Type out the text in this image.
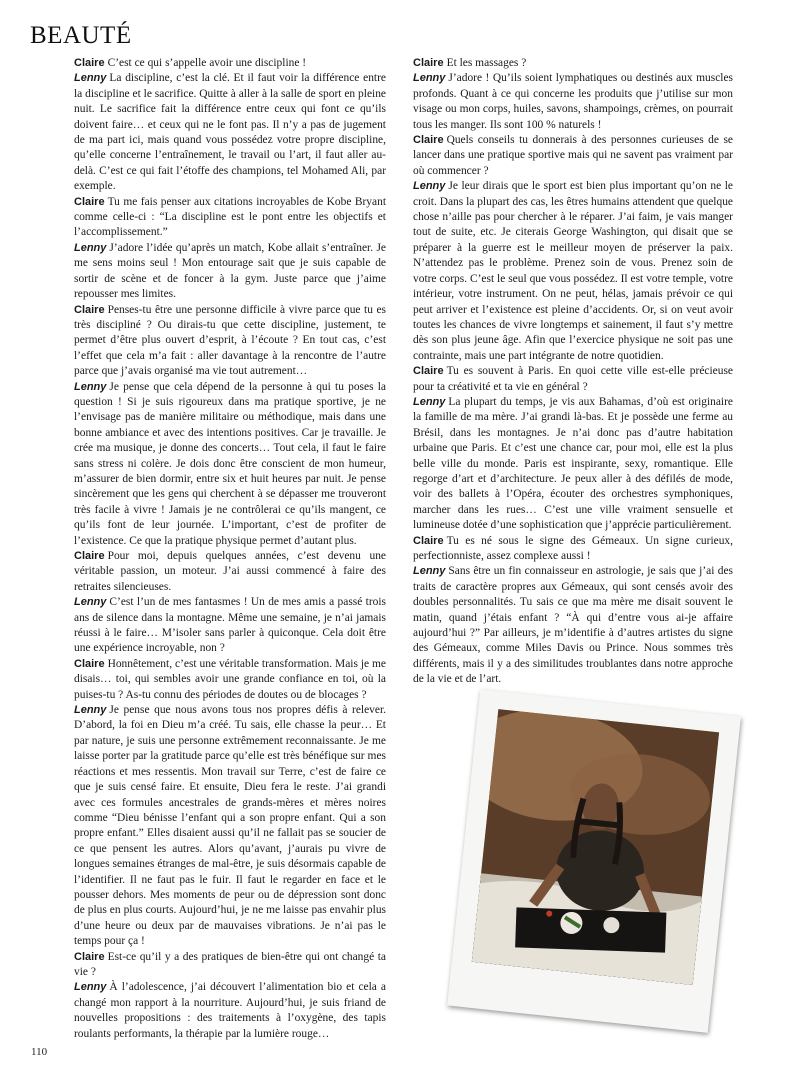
BEAUTÉ

Claire C’est ce qui s’appelle avoir une discipline !

Lenny La discipline, c’est la clé. Et il faut voir la différence entre la discipline et le sacrifice. Quitte à aller à la salle de sport en pleine nuit. Le sacrifice fait la différence entre ceux qui font ce qu’ils doivent faire… et ceux qui ne le font pas. Il n’y a pas de jugement de ma part ici, mais quand vous possédez votre propre discipline, qu’elle concerne l’entraînement, le travail ou l’art, il faut aller au-delà. C’est ce qui fait l’étoffe des champions, tel Mohamed Ali, par exemple.

Claire Tu me fais penser aux citations incroyables de Kobe Bryant comme celle-ci : “La discipline est le pont entre les objectifs et l’accomplissement.”

Lenny J’adore l’idée qu’après un match, Kobe allait s’entraîner. Je me sens moins seul ! Mon entourage sait que je suis capable de sortir de scène et de foncer à la gym. Juste parce que j’aime repousser mes limites.

Claire Penses-tu être une personne difficile à vivre parce que tu es très discipliné ? Ou dirais-tu que cette discipline, justement, te permet d’être plus ouvert d’esprit, à l’écoute ? En tout cas, c’est l’effet que cela m’a fait : aller davantage à la rencontre de l’autre parce que j’avais organisé ma vie tout autrement…

Lenny Je pense que cela dépend de la personne à qui tu poses la question ! Si je suis rigoureux dans ma pratique sportive, je ne l’envisage pas de manière militaire ou méthodique, mais dans une bonne ambiance et avec des intentions positives. Car je travaille. Je crée ma musique, je donne des concerts… Tout cela, il faut le faire sans stress ni colère. Je dois donc être conscient de mon humeur, m’assurer de bien dormir, entre six et huit heures par nuit. Je pense sincèrement que les gens qui cherchent à se dépasser me trouveront très facile à vivre ! Jamais je ne contrôlerai ce qu’ils mangent, ce qu’ils font de leur journée. L’important, c’est de profiter de l’existence. Ce que la pratique physique permet d’autant plus.

Claire Pour moi, depuis quelques années, c’est devenu une véritable passion, un moteur. J’ai aussi commencé à faire des retraites silencieuses.

Lenny C’est l’un de mes fantasmes ! Un de mes amis a passé trois ans de silence dans la montagne. Même une semaine, je n’ai jamais réussi à le faire… M’isoler sans parler à quiconque. Cela doit être une expérience incroyable, non ?

Claire Honnêtement, c’est une véritable transformation. Mais je me disais… toi, qui sembles avoir une grande confiance en toi, où la puises-tu ? As-tu connu des périodes de doutes ou de blocages ?

Lenny Je pense que nous avons tous nos propres défis à relever. D’abord, la foi en Dieu m’a créé. Tu sais, elle chasse la peur… Et par nature, je suis une personne extrêmement reconnaissante. Je me laisse porter par la gratitude parce qu’elle est très bénéfique sur mes réactions et mes ressentis. Mon travail sur Terre, c’est de faire ce que je suis censé faire. Et ensuite, Dieu fera le reste. J’ai grandi avec ces formules ancestrales de grands-mères et mères noires comme “Dieu bénisse l’enfant qui a son propre enfant. Qui a son propre enfant.” Elles disaient aussi qu’il ne fallait pas se soucier de ce que pensent les autres. Alors qu’avant, j’aurais pu vivre de longues semaines étranges de mal-être, je suis désormais capable de l’identifier. Il ne faut pas le fuir. Il faut le regarder en face et le pousser dehors. Mes moments de peur ou de dépression sont donc de plus en plus courts. Aujourd’hui, je ne me laisse pas envahir plus d’une heure ou deux par de mauvaises vibrations. Je n’ai pas le temps pour ça !

Claire Est-ce qu’il y a des pratiques de bien-être qui ont changé ta vie ?

Lenny À l’adolescence, j’ai découvert l’alimentation bio et cela a changé mon rapport à la nourriture. Aujourd’hui, je suis friand de nouvelles propositions : des traitements à l’oxygène, des tapis roulants performants, la thérapie par la lumière rouge…

Claire Et les massages ?

Lenny J’adore ! Qu’ils soient lymphatiques ou destinés aux muscles profonds. Quant à ce qui concerne les produits que j’utilise sur mon visage ou mon corps, huiles, savons, shampoings, crèmes, on pourrait tous les manger. Ils sont 100 % naturels !

Claire Quels conseils tu donnerais à des personnes curieuses de se lancer dans une pratique sportive mais qui ne savent pas vraiment par où commencer ?

Lenny Je leur dirais que le sport est bien plus important qu’on ne le croit. Dans la plupart des cas, les êtres humains attendent que quelque chose n’aille pas pour chercher à le réparer. J’ai faim, je vais manger tout de suite, etc. Je citerais George Washington, qui disait que se préparer à la guerre est le meilleur moyen de préserver la paix. N’attendez pas le problème. Prenez soin de vous. Prenez soin de votre corps. C’est le seul que vous possédez. Il est votre temple, votre intérieur, votre instrument. On ne peut, hélas, jamais prévoir ce qui peut arriver et l’existence est pleine d’accidents. Or, si on veut avoir toutes les chances de vivre longtemps et sainement, il faut s’y mettre dès son plus jeune âge. Afin que l’exercice physique ne soit pas une contrainte, mais une part intégrante de notre quotidien.

Claire Tu es souvent à Paris. En quoi cette ville est-elle précieuse pour ta créativité et ta vie en général ?

Lenny La plupart du temps, je vis aux Bahamas, d’où est originaire la famille de ma mère. J’ai grandi là-bas. Et je possède une ferme au Brésil, dans les montagnes. Je n’ai donc pas d’autre habitation urbaine que Paris. Et c’est une chance car, pour moi, elle est la plus belle ville du monde. Paris est inspirante, sexy, romantique. Elle regorge d’art et d’architecture. Je peux aller à des défilés de mode, voir des ballets à l’Opéra, écouter des orchestres symphoniques, marcher dans les rues… C’est une ville vraiment sensuelle et lumineuse dotée d’une sophistication que j’apprécie particulièrement.

Claire Tu es né sous le signe des Gémeaux. Un signe curieux, perfectionniste, assez complexe aussi !

Lenny Sans être un fin connaisseur en astrologie, je sais que j’ai des traits de caractère propres aux Gémeaux, qui sont censés avoir des doubles personnalités. Tu sais ce que ma mère me disait souvent le matin, quand j’étais enfant ? “À qui d’entre vous ai-je affaire aujourd’hui ?” Par ailleurs, je m’identifie à d’autres artistes du signe des Gémeaux, comme Miles Davis ou Prince. Nous sommes très différents, mais il y a des similitudes troublantes dans notre approche de la vie et de l’art.

110
